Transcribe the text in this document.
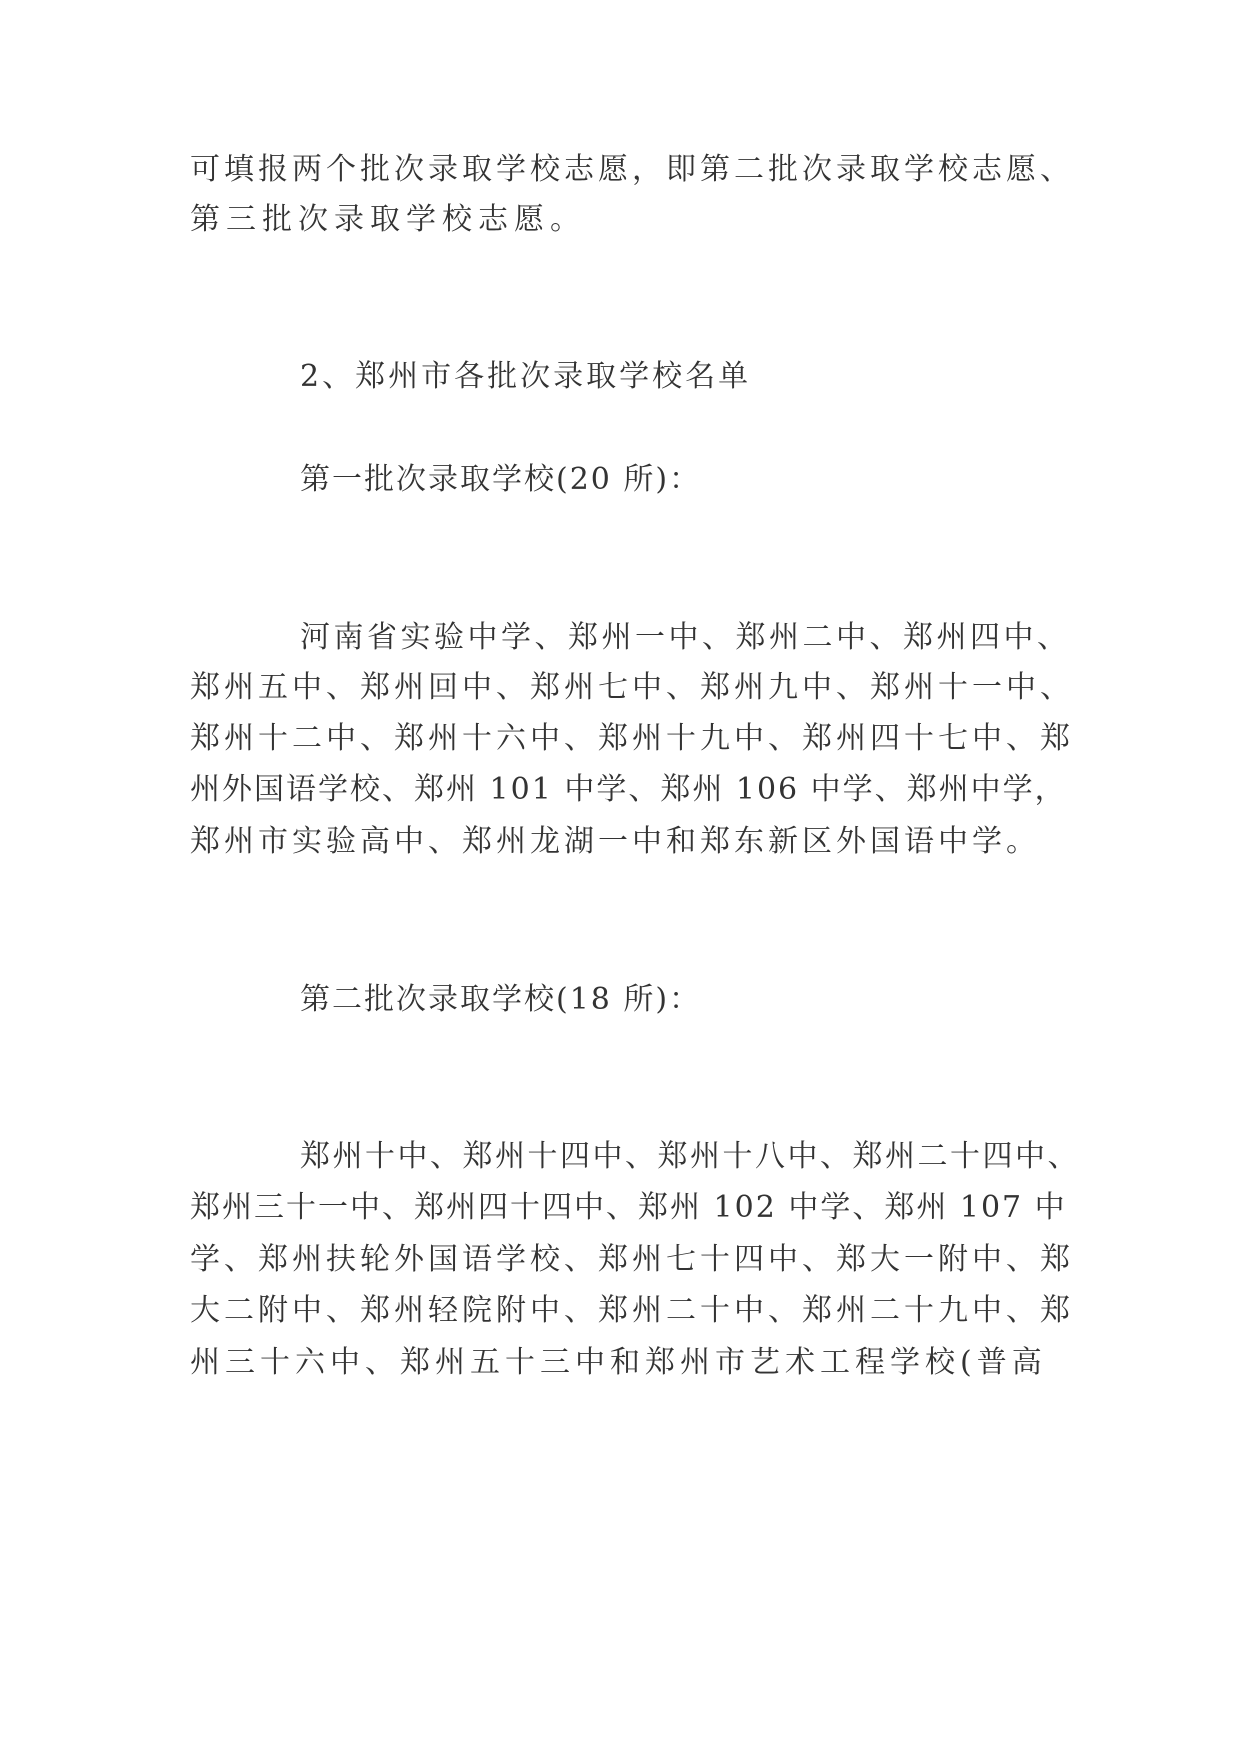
可填报两个批次录取学校志愿，即第二批次录取学校志愿、
第三批次录取学校志愿。
2、郑州市各批次录取学校名单
第一批次录取学校(20 所)：
河南省实验中学、郑州一中、郑州二中、郑州四中、
郑州五中、郑州回中、郑州七中、郑州九中、郑州十一中、
郑州十二中、郑州十六中、郑州十九中、郑州四十七中、郑
州外国语学校、郑州 101 中学、郑州 106 中学、郑州中学，
郑州市实验高中、郑州龙湖一中和郑东新区外国语中学。
第二批次录取学校(18 所)：
郑州十中、郑州十四中、郑州十八中、郑州二十四中、
郑州三十一中、郑州四十四中、郑州 102 中学、郑州 107 中
学、郑州扶轮外国语学校、郑州七十四中、郑大一附中、郑
大二附中、郑州轻院附中、郑州二十中、郑州二十九中、郑
州三十六中、郑州五十三中和郑州市艺术工程学校(普高
